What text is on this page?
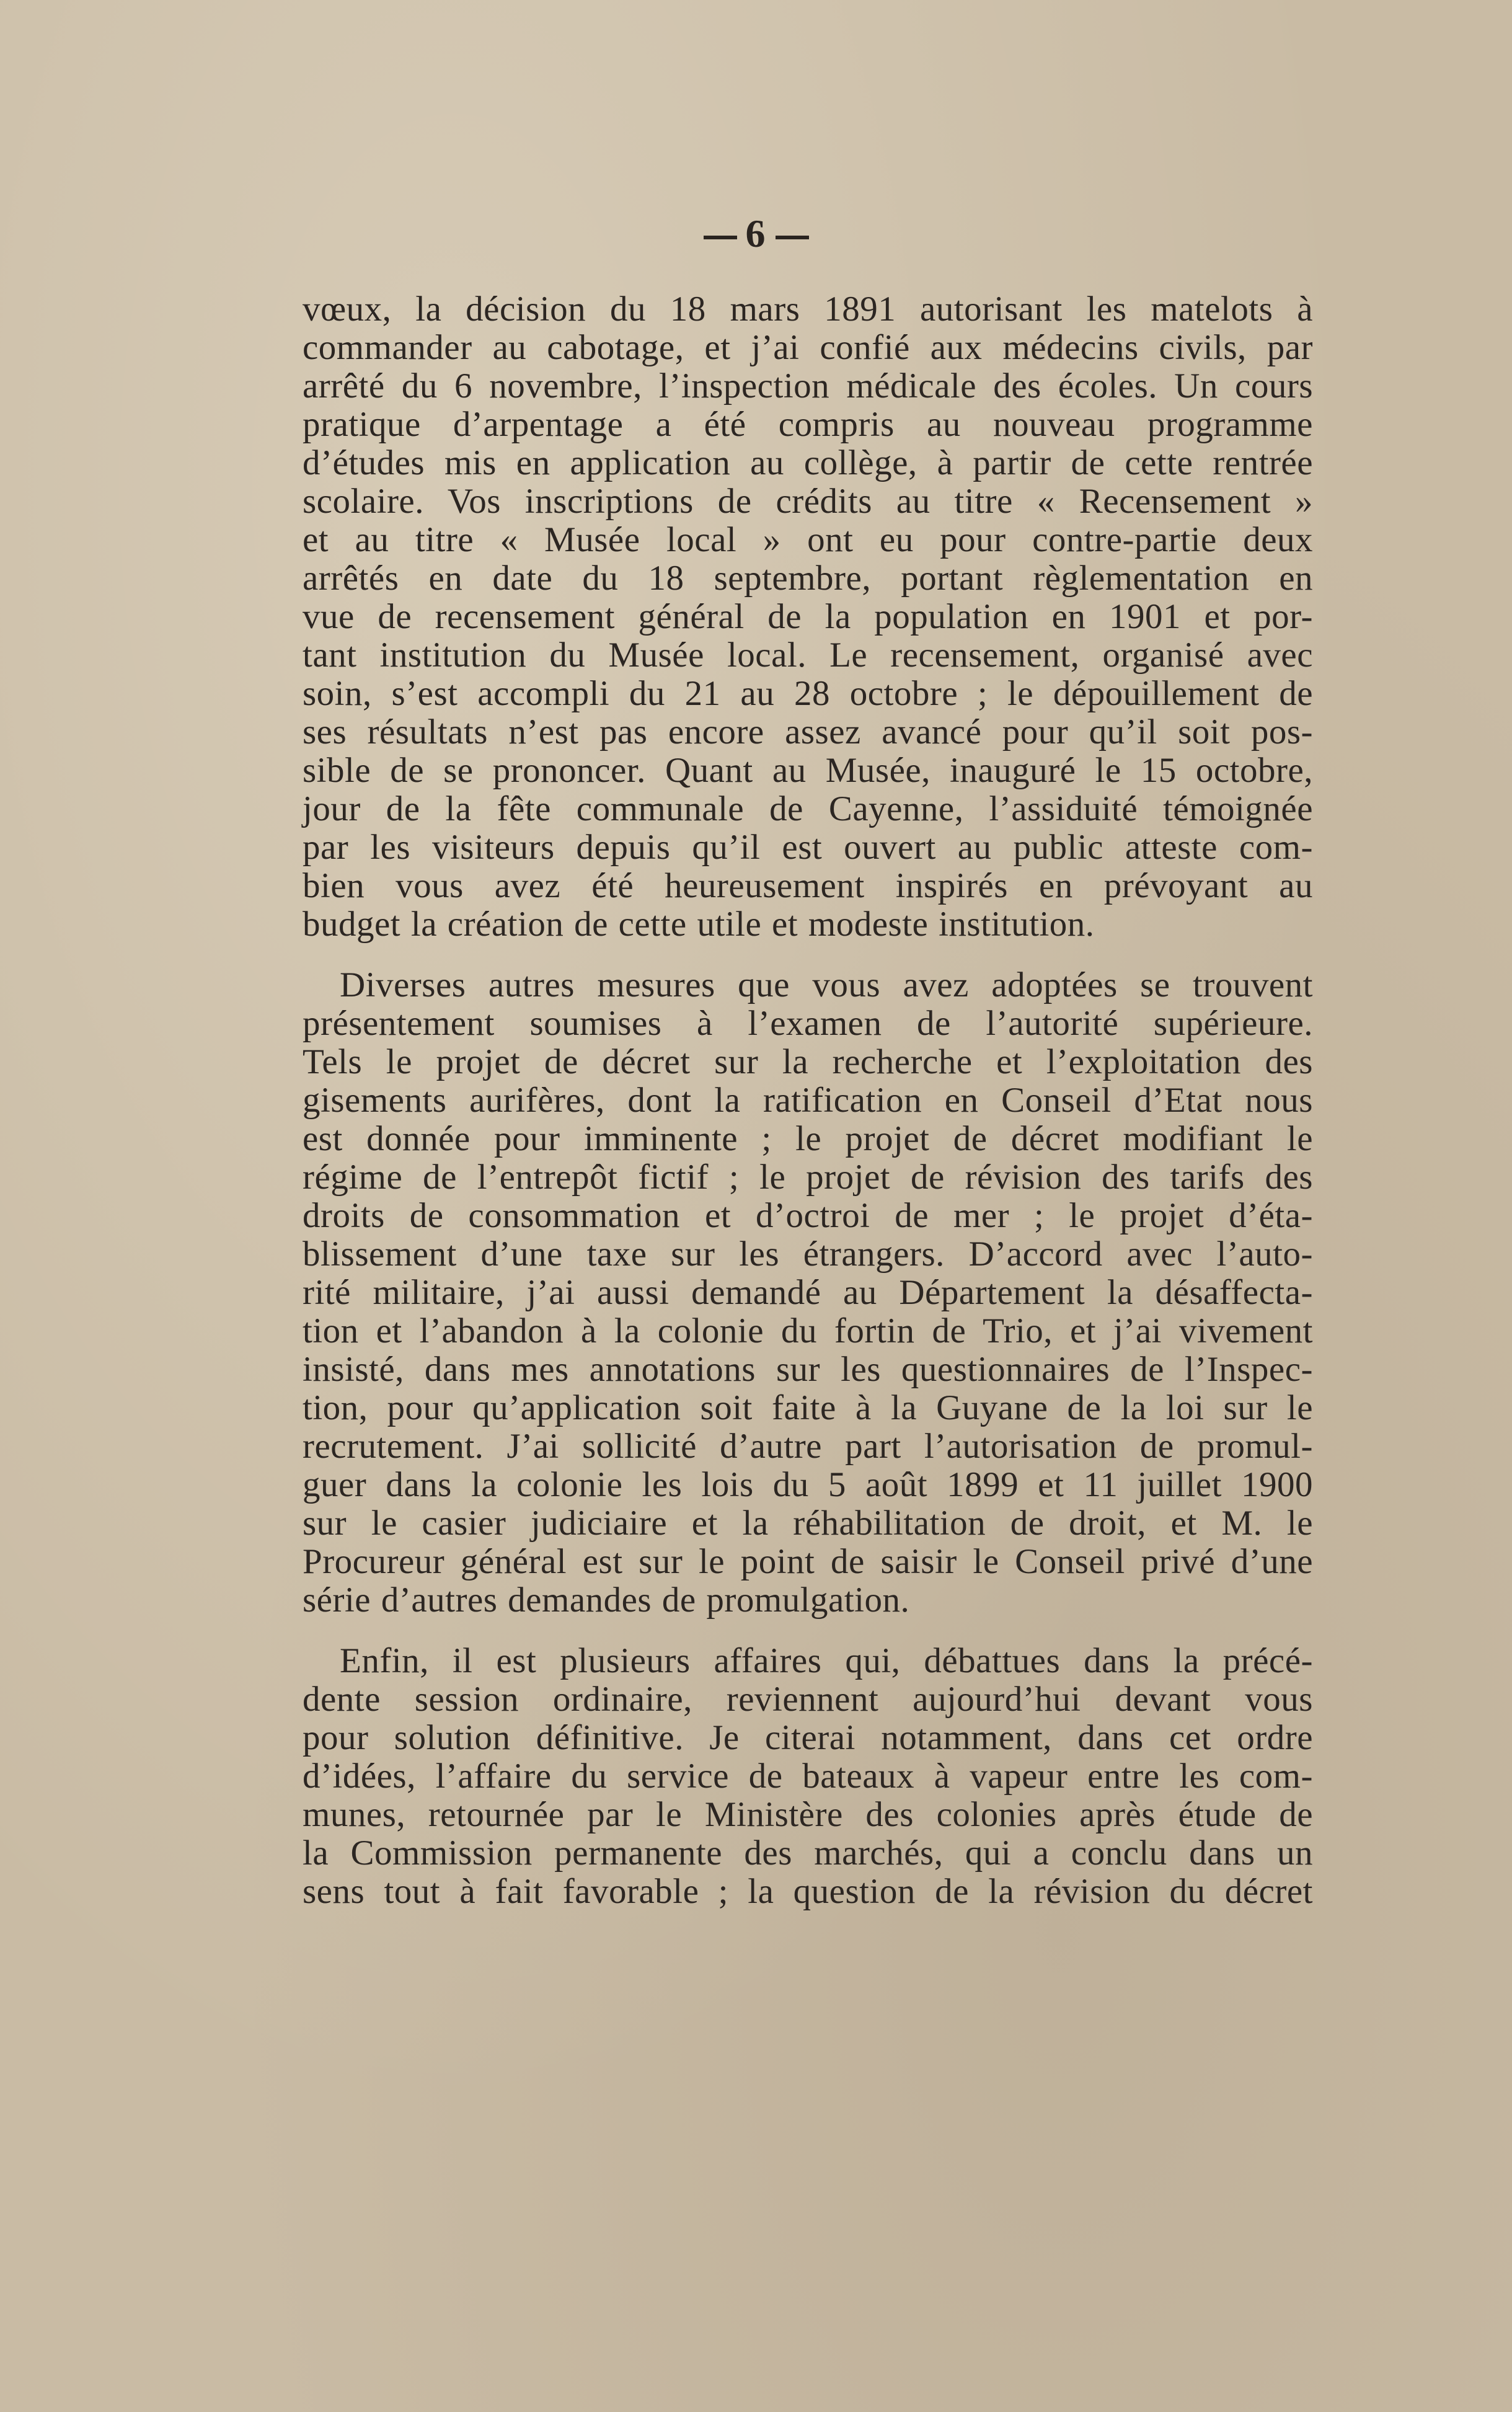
6

vœux, la décision du 18 mars 1891 autorisant les matelots à
commander au cabotage, et j’ai confié aux médecins civils, par
arrêté du 6 novembre, l’inspection médicale des écoles. Un cours
pratique d’arpentage a été compris au nouveau programme
d’études mis en application au collège, à partir de cette rentrée
scolaire. Vos inscriptions de crédits au titre « Recensement »
et au titre « Musée local » ont eu pour contre-partie deux
arrêtés en date du 18 septembre, portant règlementation en
vue de recensement général de la population en 1901 et por-
tant institution du Musée local. Le recensement, organisé avec
soin, s’est accompli du 21 au 28 octobre ; le dépouillement de
ses résultats n’est pas encore assez avancé pour qu’il soit pos-
sible de se prononcer. Quant au Musée, inauguré le 15 octobre,
jour de la fête communale de Cayenne, l’assiduité témoignée
par les visiteurs depuis qu’il est ouvert au public atteste com-
bien vous avez été heureusement inspirés en prévoyant au
budget la création de cette utile et modeste institution.

Diverses autres mesures que vous avez adoptées se trouvent
présentement soumises à l’examen de l’autorité supérieure.
Tels le projet de décret sur la recherche et l’exploitation des
gisements aurifères, dont la ratification en Conseil d’Etat nous
est donnée pour imminente ; le projet de décret modifiant le
régime de l’entrepôt fictif ; le projet de révision des tarifs des
droits de consommation et d’octroi de mer ; le projet d’éta-
blissement d’une taxe sur les étrangers. D’accord avec l’auto-
rité militaire, j’ai aussi demandé au Département la désaffecta-
tion et l’abandon à la colonie du fortin de Trio, et j’ai vivement
insisté, dans mes annotations sur les questionnaires de l’Inspec-
tion, pour qu’application soit faite à la Guyane de la loi sur le
recrutement. J’ai sollicité d’autre part l’autorisation de promul-
guer dans la colonie les lois du 5 août 1899 et 11 juillet 1900
sur le casier judiciaire et la réhabilitation de droit, et M. le
Procureur général est sur le point de saisir le Conseil privé d’une
série d’autres demandes de promulgation.

Enfin, il est plusieurs affaires qui, débattues dans la précé-
dente session ordinaire, reviennent aujourd’hui devant vous
pour solution définitive. Je citerai notamment, dans cet ordre
d’idées, l’affaire du service de bateaux à vapeur entre les com-
munes, retournée par le Ministère des colonies après étude de
la Commission permanente des marchés, qui a conclu dans un
sens tout à fait favorable ; la question de la révision du décret
